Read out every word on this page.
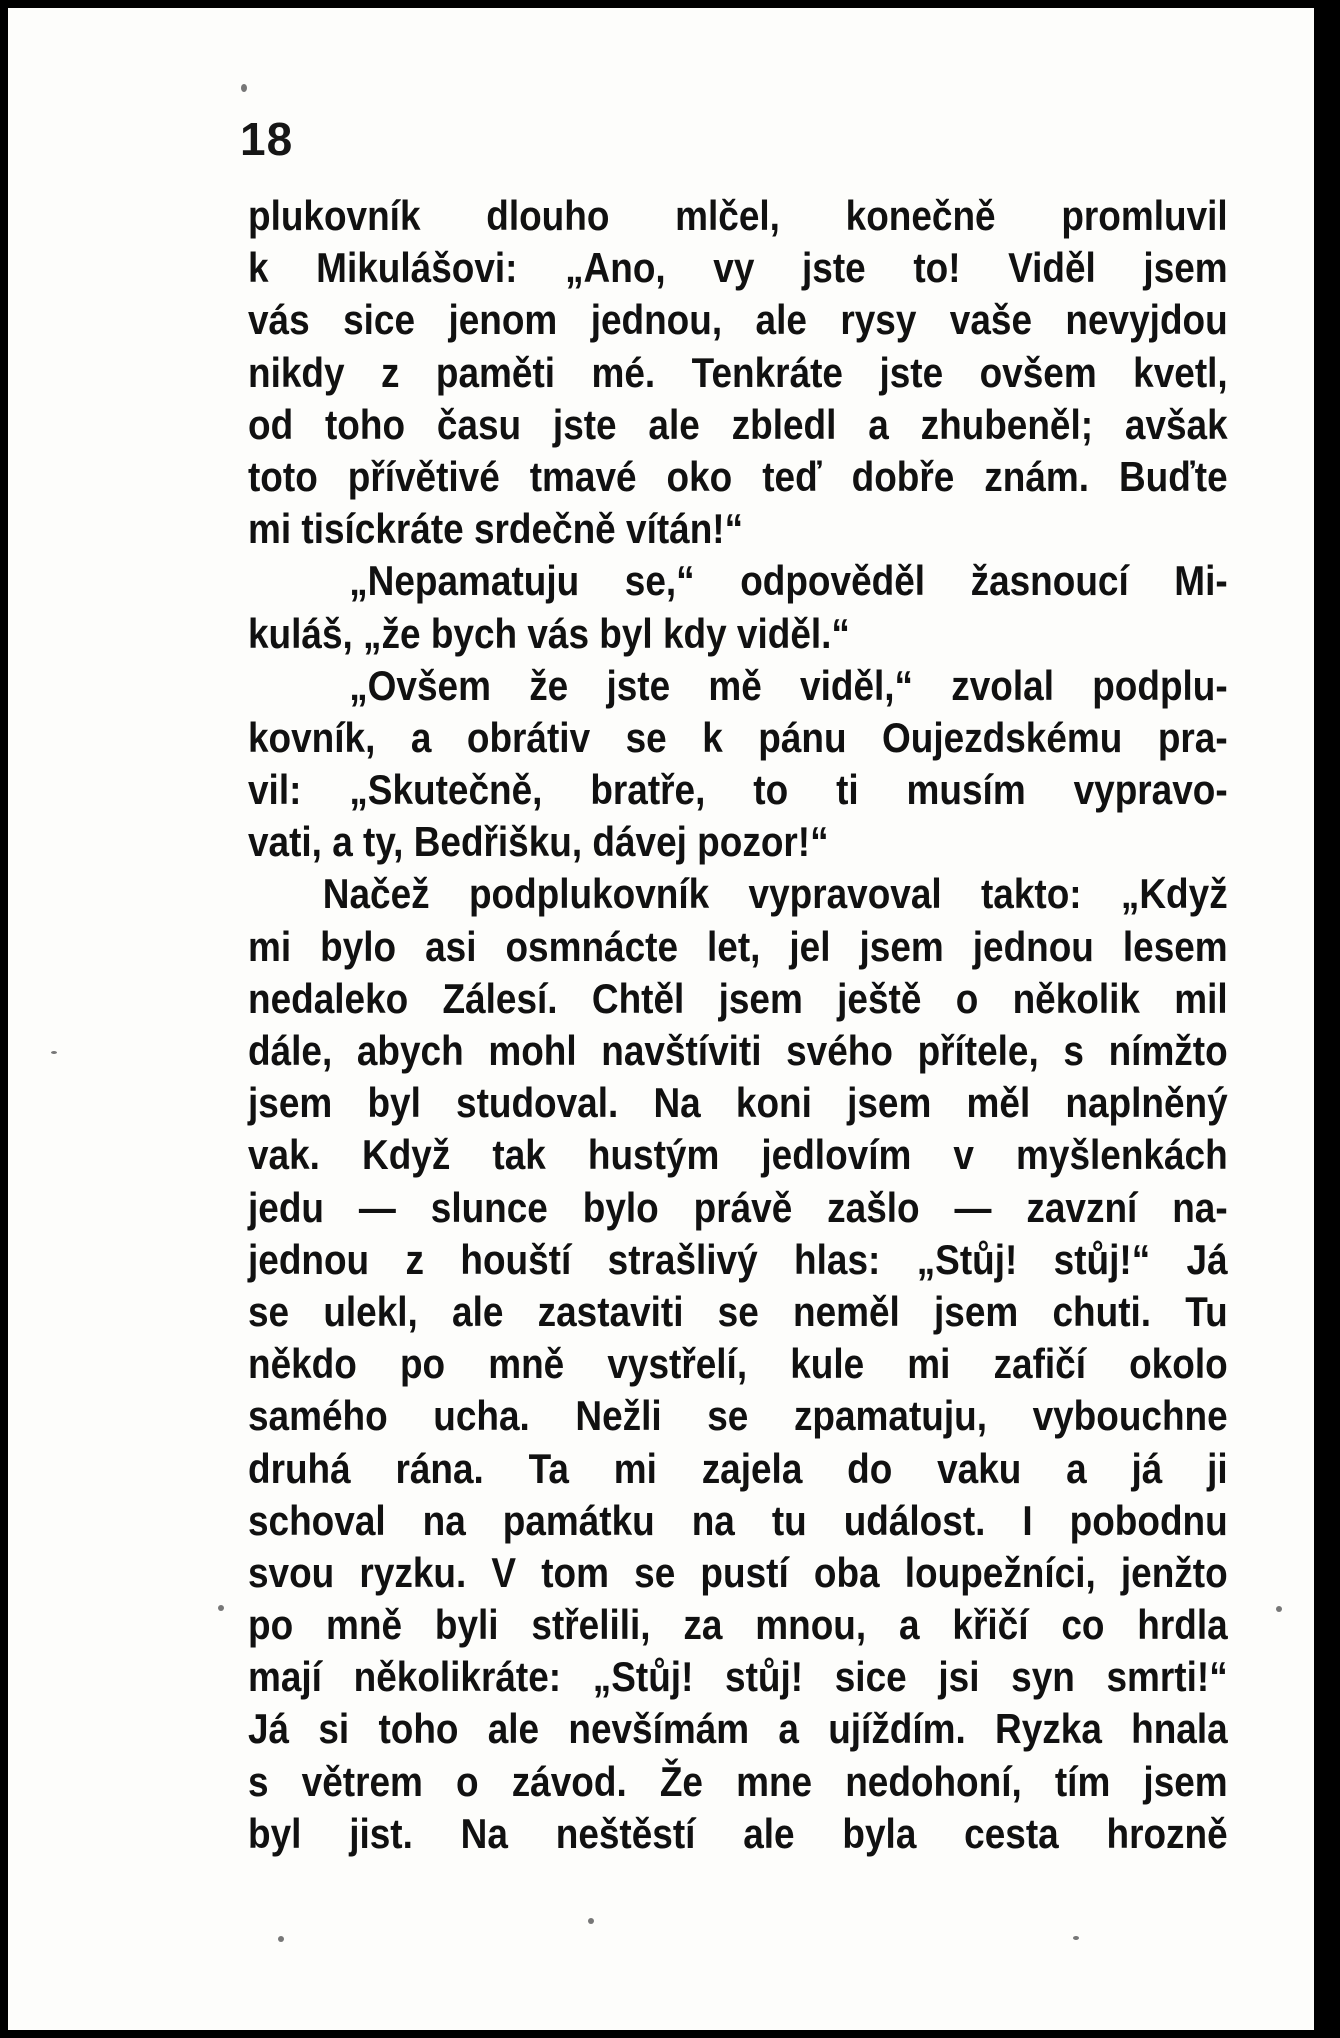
18
plukovník dlouho mlčel, konečně promluvil
k Mikulášovi: „Ano, vy jste to! Viděl jsem
vás sice jenom jednou, ale rysy vaše nevyjdou
nikdy z paměti mé. Tenkráte jste ovšem kvetl,
od toho času jste ale zbledl a zhubeněl; avšak
toto přívětivé tmavé oko teď dobře znám. Buďte
mi tisíckráte srdečně vítán!“
„Nepamatuju se,“ odpověděl žasnoucí Mi-
kuláš, „že bych vás byl kdy viděl.“
„Ovšem že jste mě viděl,“ zvolal podplu-
kovník, a obrátiv se k pánu Oujezdskému pra-
vil: „Skutečně, bratře, to ti musím vypravo-
vati, a ty, Bedřišku, dávej pozor!“
Načež podplukovník vypravoval takto: „Když
mi bylo asi osmnácte let, jel jsem jednou lesem
nedaleko Zálesí. Chtěl jsem ještě o několik mil
dále, abych mohl navštíviti svého přítele, s nímžto
jsem byl studoval. Na koni jsem měl naplněný
vak. Když tak hustým jedlovím v myšlenkách
jedu — slunce bylo právě zašlo — zavzní na-
jednou z houští strašlivý hlas: „Stůj! stůj!“ Já
se ulekl, ale zastaviti se neměl jsem chuti. Tu
někdo po mně vystřelí, kule mi zafičí okolo
samého ucha. Nežli se zpamatuju, vybouchne
druhá rána. Ta mi zajela do vaku a já ji
schoval na památku na tu událost. I pobodnu
svou ryzku. V tom se pustí oba loupežníci, jenžto
po mně byli střelili, za mnou, a křičí co hrdla
mají několikráte: „Stůj! stůj! sice jsi syn smrti!“
Já si toho ale nevšímám a ujíždím. Ryzka hnala
s větrem o závod. Že mne nedohoní, tím jsem
byl jist. Na neštěstí ale byla cesta hrozně
